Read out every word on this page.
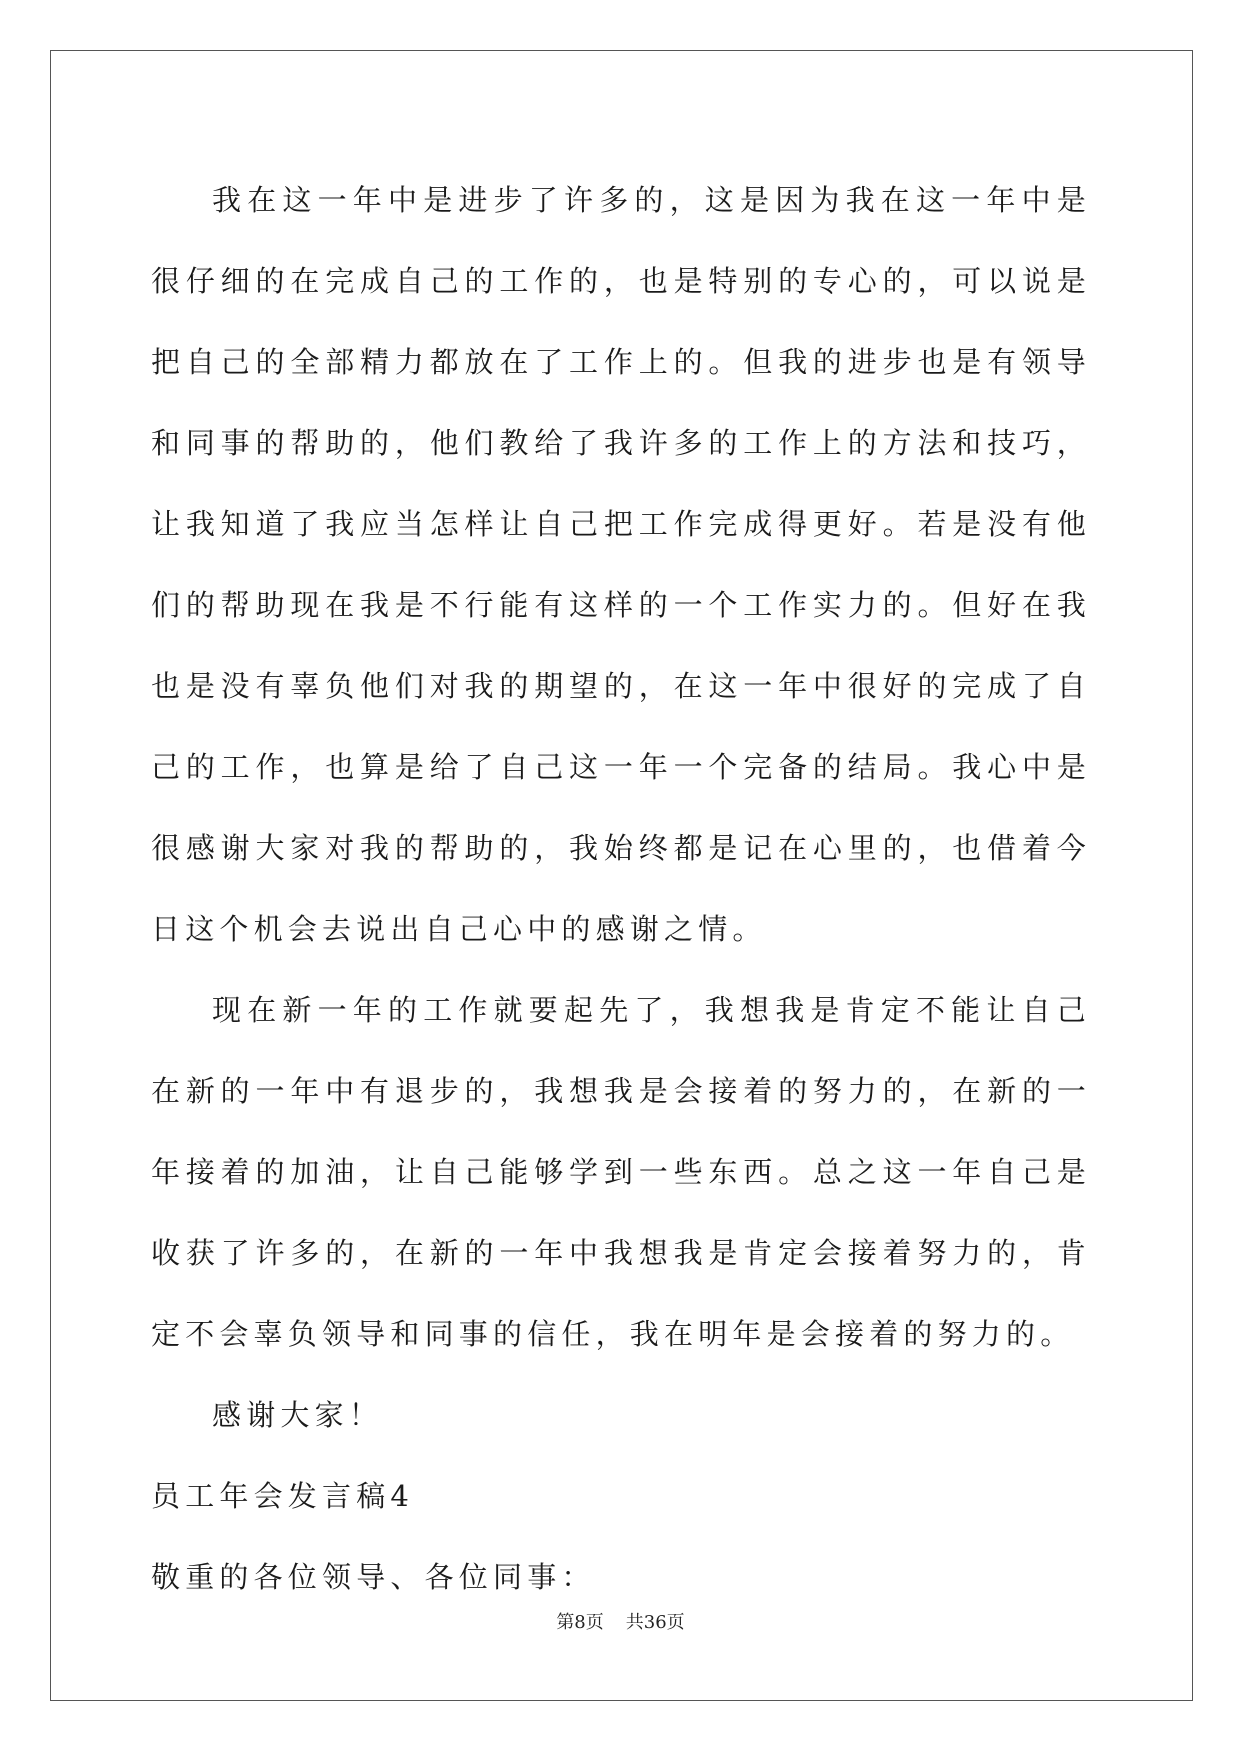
我在这一年中是进步了许多的，这是因为我在这一年中是很仔细的在完成自己的工作的，也是特别的专心的，可以说是把自己的全部精力都放在了工作上的。但我的进步也是有领导和同事的帮助的，他们教给了我许多的工作上的方法和技巧，让我知道了我应当怎样让自己把工作完成得更好。若是没有他们的帮助现在我是不行能有这样的一个工作实力的。但好在我也是没有辜负他们对我的期望的，在这一年中很好的完成了自己的工作，也算是给了自己这一年一个完备的结局。我心中是很感谢大家对我的帮助的，我始终都是记在心里的，也借着今日这个机会去说出自己心中的感谢之情。

现在新一年的工作就要起先了，我想我是肯定不能让自己在新的一年中有退步的，我想我是会接着的努力的，在新的一年接着的加油，让自己能够学到一些东西。总之这一年自己是收获了许多的，在新的一年中我想我是肯定会接着努力的，肯定不会辜负领导和同事的信任，我在明年是会接着的努力的。

感谢大家！

员工年会发言稿4

敬重的各位领导、各位同事：

第8页 共36页
